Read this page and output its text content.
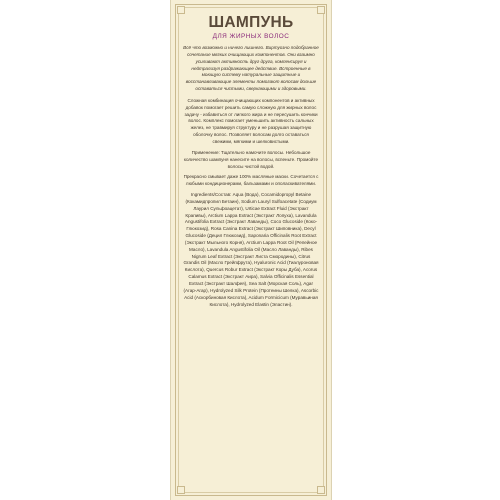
ШАМПУНЬ

ДЛЯ ЖИРНЫХ ВОЛОС

Всё что возможно и ничего лишнего. Виртуозно подобранное сочетание мягких очищающих компонентов. Они взаимно усиливают активность друг друга, компенсируя и нейтрализуя раздражающее действие. Встроенные в моющую систему натуральные защитные и восстанавливающие элементы помогают волосам дольше оставаться чистыми, сверкающими и здоровыми.

Сложная комбинация очищающих компонентов и активных добавок помогает решить самую сложную для жирных волос задачу - избавиться от липкого жира и не пересушить кончики волос. Комплекс помогает уменьшить активность сальных желез, не травмируя структуру и не разрушая защитную оболочку волос. Позволяет волосам долго оставаться свежими, мягкими и шелковистыми.

Применение: Тщательно намочите волосы. Небольшое количество шампуня нанесите на волосы, вспеньте. Промойте волосы чистой водой.

Прекрасно смывает даже 100% масляные маски. Сочетается с любыми кондиционерами, бальзамами и ополаскивателями.

Ingredients/Состав: Aqua (Вода), Cocamidopropyl Betaine (Кокамидпропил Бетаин), Sodium Lauryl Sulfoacetate (Содиум Лаурил Сульфоацетат), Urticae Extract Fluid (Экстракт Крапивы), Arctium Lappa Extract (Экстракт Лопуха), Lavandula Angustifolia Extract (Экстракт Лаванды), Coco Glucoside (Коко-Глюкозид), Rosa Canina Extract (Экстракт Шиповника), Decyl Glucoside (Децил Глюкозид), Saponaria Officinalis Root Extract (Экстракт Мыльного Корня), Arctium Lappa Root Oil (Репейное Масло), Lavandula Angustifolia Oil (Масло Лаванды), Ribes Nigrum Leaf Extract (Экстракт Листа Смородины), Citrus Grandis Oil (Масло Грейпфрута), Hyaluronic Acid (Гиалуроновая Кислота), Quercus Robur Extract (Экстракт Коры Дуба), Acorus Calamus Extract (Экстракт Аира), Salvia Officinalis Essential Extract (Экстракт Шалфея), Sea Salt (Морская Соль), Agar (Агар-Агар), Hydrolyzed Silk Protein (Протеины Шелка), Ascorbic Acid (Аскорбиновая Кислота), Acidum Formicicum (Муравьиная Кислота), Hydrolyzed Elastin (Эластин).
